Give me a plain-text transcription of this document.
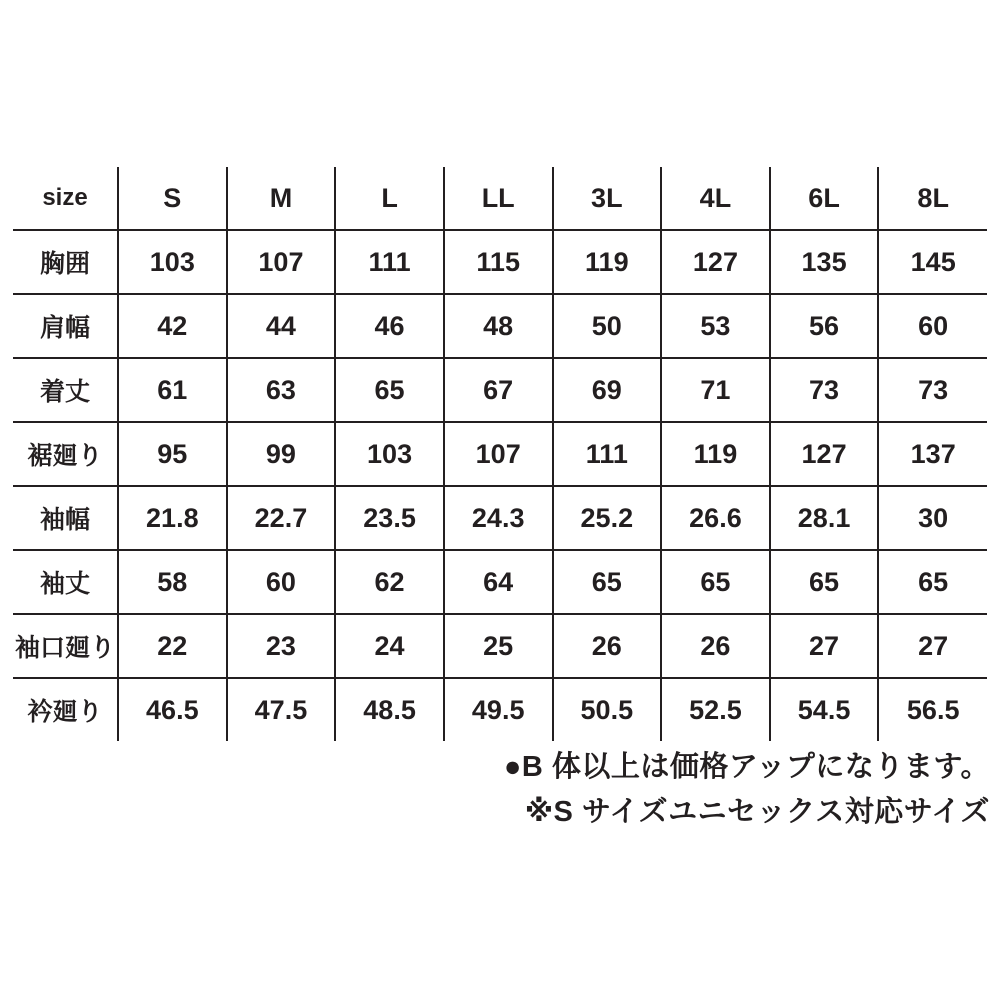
size	S	M	L	LL	3L	4L	6L	8L
胸囲	103	107	111	115	119	127	135	145
肩幅	42	44	46	48	50	53	56	60
着丈	61	63	65	67	69	71	73	73
裾廻り	95	99	103	107	111	119	127	137
袖幅	21.8	22.7	23.5	24.3	25.2	26.6	28.1	30
袖丈	58	60	62	64	65	65	65	65
袖口廻り	22	23	24	25	26	26	27	27
衿廻り	46.5	47.5	48.5	49.5	50.5	52.5	54.5	56.5
●B 体以上は価格アップになります。
※S サイズユニセックス対応サイズ
